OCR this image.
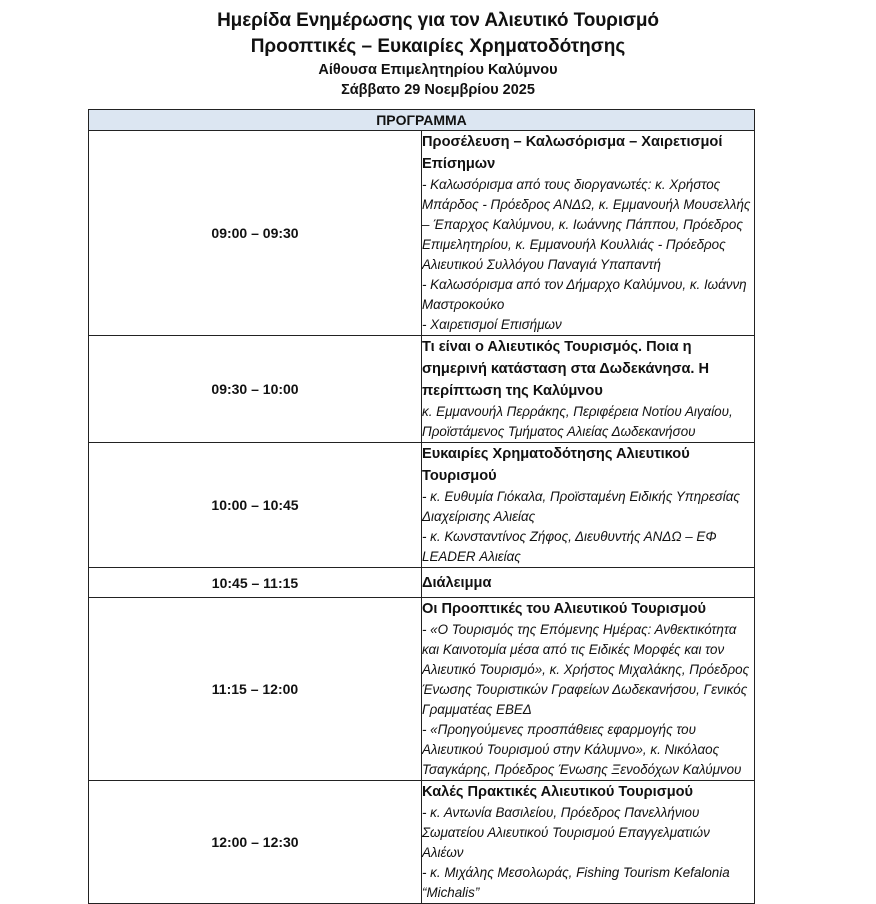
Ημερίδα Ενημέρωσης για τον Αλιευτικό Τουρισμό
Προοπτικές – Ευκαιρίες Χρηματοδότησης
Αίθουσα Επιμελητηρίου Καλύμνου
Σάββατο 29 Νοεμβρίου 2025
ΠΡΟΓΡΑΜΜΑ	
09:00 – 09:30	Προσέλευση – Καλωσόρισμα – Χαιρετισμοί Επίσημων
- Καλωσόρισμα από τους διοργανωτές: κ. Χρήστος Μπάρδος - Πρόεδρος ΑΝΔΩ, κ. Εμμανουήλ Μουσελλής – Έπαρχος Καλύμνου, κ. Ιωάννης Πάππου, Πρόεδρος Επιμελητηρίου, κ. Εμμανουήλ Κουλλιάς - Πρόεδρος Αλιευτικού Συλλόγου Παναγιά Υπαπαντή
- Καλωσόρισμα από τον Δήμαρχο Καλύμνου, κ. Ιωάννη Μαστροκούκο
- Χαιρετισμοί Επισήμων

09:30 – 10:00	Τι είναι ο Αλιευτικός Τουρισμός. Ποια η σημερινή κατάσταση στα Δωδεκάνησα. Η περίπτωση της Καλύμνου
κ. Εμμανουήλ Περράκης, Περιφέρεια Νοτίου Αιγαίου, Προϊστάμενος Τμήματος Αλιείας Δωδεκανήσου

10:00 – 10:45	Ευκαιρίες Χρηματοδότησης Αλιευτικού Τουρισμού
- κ. Ευθυμία Γιόκαλα, Προϊσταμένη Ειδικής Υπηρεσίας Διαχείρισης Αλιείας
- κ. Κωνσταντίνος Ζήφος, Διευθυντής ΑΝΔΩ – ΕΦ LEADER Αλιείας

10:45 – 11:15	Διάλειμμα

11:15 – 12:00	Οι Προοπτικές του Αλιευτικού Τουρισμού
- «Ο Τουρισμός της Επόμενης Ημέρας: Ανθεκτικότητα και Καινοτομία μέσα από τις Ειδικές Μορφές και τον Αλιευτικό Τουρισμό», κ. Χρήστος Μιχαλάκης, Πρόεδρος Ένωσης Τουριστικών Γραφείων Δωδεκανήσου, Γενικός Γραμματέας ΕΒΕΔ
- «Προηγούμενες προσπάθειες εφαρμογής του Αλιευτικού Τουρισμού στην Κάλυμνο», κ. Νικόλαος Τσαγκάρης, Πρόεδρος Ένωσης Ξενοδόχων Καλύμνου

12:00 – 12:30	Καλές Πρακτικές Αλιευτικού Τουρισμού
- κ. Αντωνία Βασιλείου, Πρόεδρος Πανελλήνιου Σωματείου Αλιευτικού Τουρισμού Επαγγελματιών Αλιέων
- κ. Μιχάλης Μεσολωράς, Fishing Tourism Kefalonia “Michalis”
